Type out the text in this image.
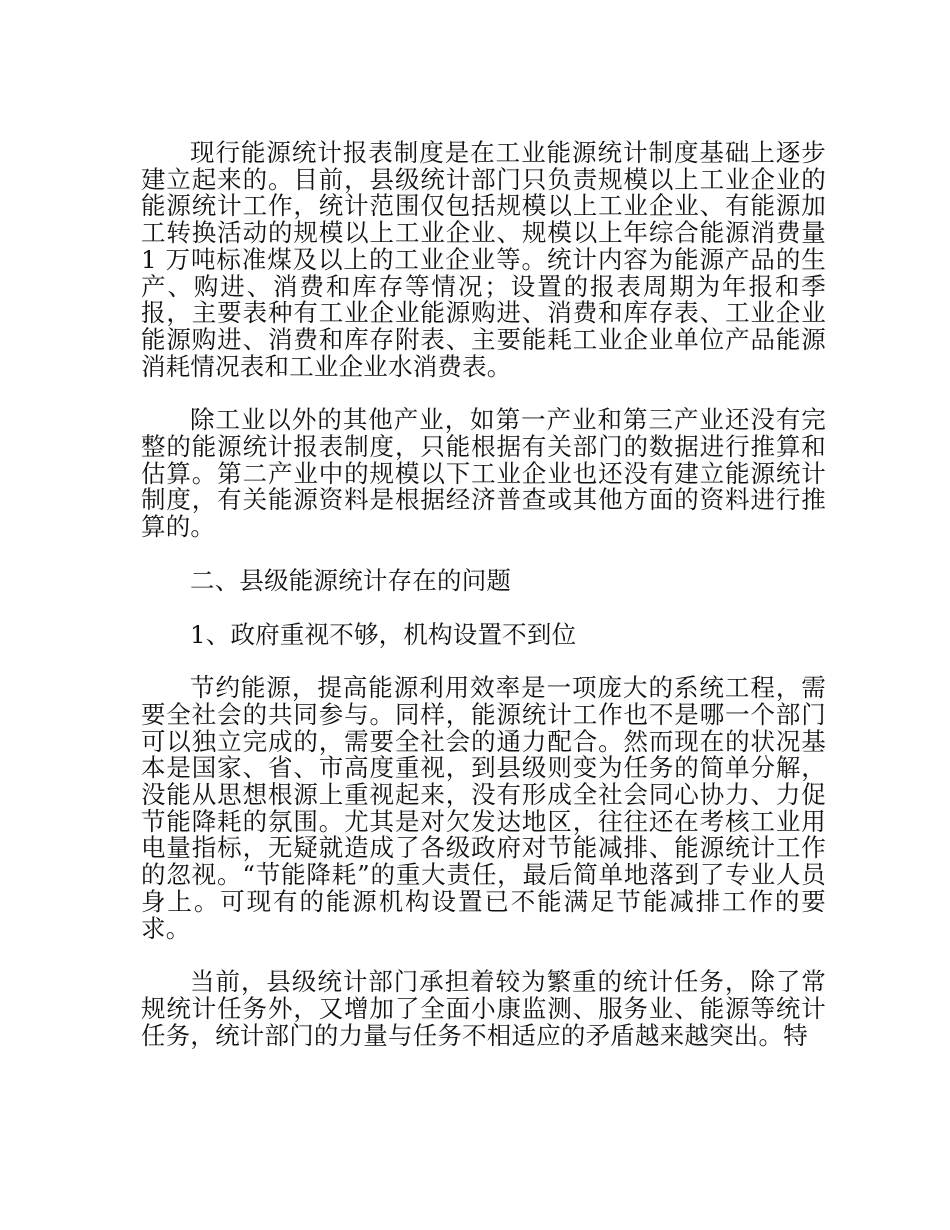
现行能源统计报表制度是在工业能源统计制度基础上逐步建立起来的。目前，县级统计部门只负责规模以上工业企业的能源统计工作，统计范围仅包括规模以上工业企业、有能源加工转换活动的规模以上工业企业、规模以上年综合能源消费量 1 万吨标准煤及以上的工业企业等。统计内容为能源产品的生产、购进、消费和库存等情况；设置的报表周期为年报和季报，主要表种有工业企业能源购进、消费和库存表、工业企业能源购进、消费和库存附表、主要能耗工业企业单位产品能源消耗情况表和工业企业水消费表。

除工业以外的其他产业，如第一产业和第三产业还没有完整的能源统计报表制度，只能根据有关部门的数据进行推算和估算。第二产业中的规模以下工业企业也还没有建立能源统计制度，有关能源资料是根据经济普查或其他方面的资料进行推算的。

二、县级能源统计存在的问题

1、政府重视不够，机构设置不到位

节约能源，提高能源利用效率是一项庞大的系统工程，需要全社会的共同参与。同样，能源统计工作也不是哪一个部门可以独立完成的，需要全社会的通力配合。然而现在的状况基本是国家、省、市高度重视，到县级则变为任务的简单分解，没能从思想根源上重视起来，没有形成全社会同心协力、力促节能降耗的氛围。尤其是对欠发达地区，往往还在考核工业用电量指标，无疑就造成了各级政府对节能减排、能源统计工作的忽视。“节能降耗”的重大责任，最后简单地落到了专业人员身上。可现有的能源机构设置已不能满足节能减排工作的要求。

当前，县级统计部门承担着较为繁重的统计任务，除了常规统计任务外，又增加了全面小康监测、服务业、能源等统计任务，统计部门的力量与任务不相适应的矛盾越来越突出。特
